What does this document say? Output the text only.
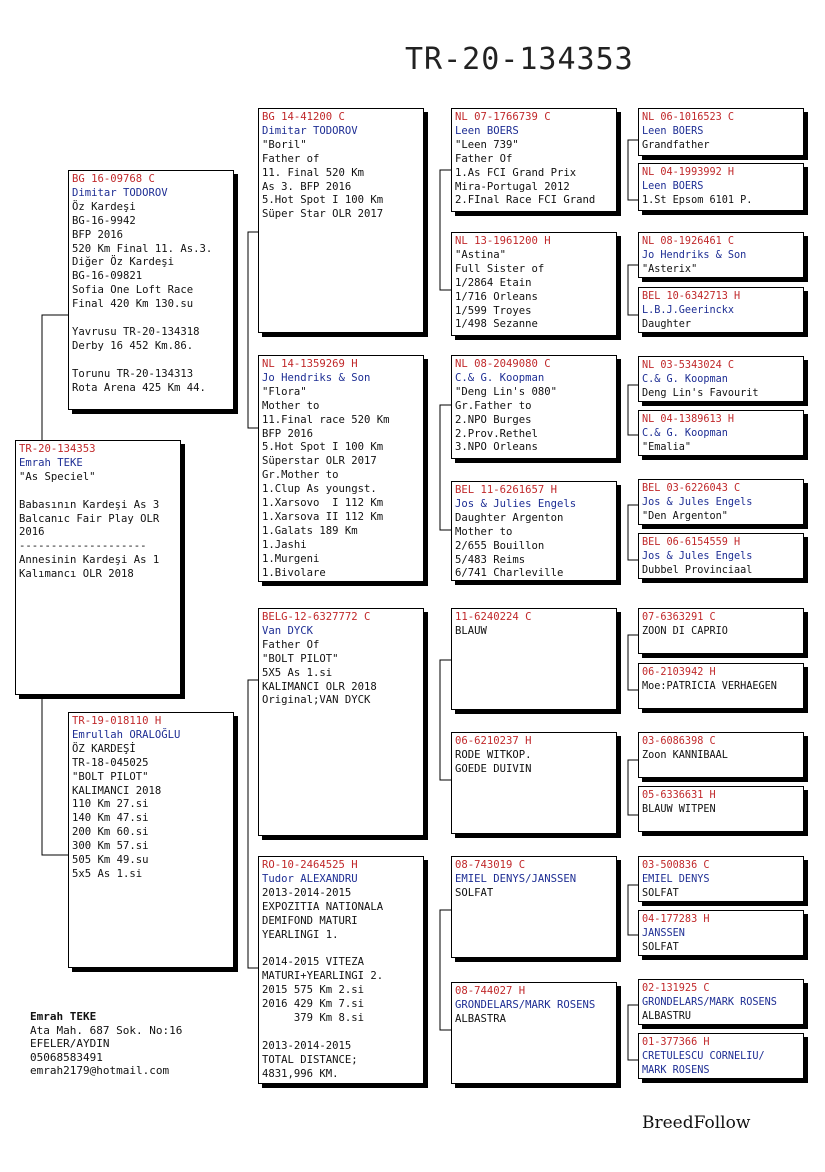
TR-20-134353
TR-20-134353
Emrah TEKE
"As Speciel"
Babasının Kardeşi As 3
Balcanıc Fair Play OLR
2016
--------------------
Annesinin Kardeşi As 1
Kalımancı OLR 2018
BG 16-09768 C
Dimitar TODOROV
Öz Kardeşi
BG-16-9942
BFP 2016
520 Km Final 11. As.3.
Diğer Öz Kardeşi
BG-16-09821
Sofia One Loft Race
Final 420 Km 130.su
Yavrusu TR-20-134318
Derby 16 452 Km.86.
Torunu TR-20-134313
Rota Arena 425 Km 44.
TR-19-018110 H
Emrullah ORALOĞLU
ÖZ KARDEŞİ
TR-18-045025
"BOLT PILOT"
KALIMANCI 2018
110 Km 27.si
140 Km 47.si
200 Km 60.si
300 Km 57.si
505 Km 49.su
5x5 As 1.si
BG 14-41200 C
Dimitar TODOROV
"Boril"
Father of
11. Final 520 Km
As 3. BFP 2016
5.Hot Spot I 100 Km
Süper Star OLR 2017
NL 14-1359269 H
Jo Hendriks & Son
"Flora"
Mother to
11.Final race 520 Km
BFP 2016
5.Hot Spot I 100 Km
Süperstar OLR 2017
Gr.Mother to
1.Clup As youngst.
1.Xarsovo  I 112 Km
1.Xarsova II 112 Km
1.Galats 189 Km
1.Jashi
1.Murgeni
1.Bivolare
BELG-12-6327772 C
Van DYCK
Father Of
"BOLT PILOT"
5X5 As 1.si
KALIMANCI OLR 2018
Original;VAN DYCK
RO-10-2464525 H
Tudor ALEXANDRU
2013-2014-2015
EXPOZITIA NATIONALA
DEMIFOND MATURI
YEARLINGI 1.
2014-2015 VITEZA
MATURI+YEARLINGI 2.
2015 575 Km 2.si
2016 429 Km 7.si
379 Km 8.si
2013-2014-2015
TOTAL DISTANCE;
4831,996 KM.
NL 07-1766739 C
Leen BOERS
"Leen 739"
Father Of
1.As FCI Grand Prix
Mira-Portugal 2012
2.FInal Race FCI Grand
NL 13-1961200 H
"Astina"
Full Sister of
1/2864 Etain
1/716 Orleans
1/599 Troyes
1/498 Sezanne
NL 08-2049080 C
C.& G. Koopman
"Deng Lin's 080"
Gr.Father to
2.NPO Burges
2.Prov.Rethel
3.NPO Orleans
BEL 11-6261657 H
Jos & Julies Engels
Daughter Argenton
Mother to
2/655 Bouillon
5/483 Reims
6/741 Charleville
11-6240224 C
BLAUW
06-6210237 H
RODE WITKOP.
GOEDE DUIVIN
08-743019 C
EMIEL DENYS/JANSSEN
SOLFAT
08-744027 H
GRONDELARS/MARK ROSENS
ALBASTRA
NL 06-1016523 C
Leen BOERS
Grandfather
NL 04-1993992 H
Leen BOERS
1.St Epsom 6101 P.
NL 08-1926461 C
Jo Hendriks & Son
"Asterix"
BEL 10-6342713 H
L.B.J.Geerinckx
Daughter
NL 03-5343024 C
C.& G. Koopman
Deng Lin's Favourit
NL 04-1389613 H
C.& G. Koopman
"Emalia"
BEL 03-6226043 C
Jos & Jules Engels
"Den Argenton"
BEL 06-6154559 H
Jos & Jules Engels
Dubbel Provinciaal
07-6363291 C
ZOON DI CAPRIO
06-2103942 H
Moe:PATRICIA VERHAEGEN
03-6086398 C
Zoon KANNIBAAL
05-6336631 H
BLAUW WITPEN
03-500836 C
EMIEL DENYS
SOLFAT
04-177283 H
JANSSEN
SOLFAT
02-131925 C
GRONDELARS/MARK ROSENS
ALBASTRU
01-377366 H
CRETULESCU CORNELIU/
MARK ROSENS
Emrah TEKE
Ata Mah. 687 Sok. No:16
EFELER/AYDIN
05068583491
emrah2179@hotmail.com
BreedFollow
